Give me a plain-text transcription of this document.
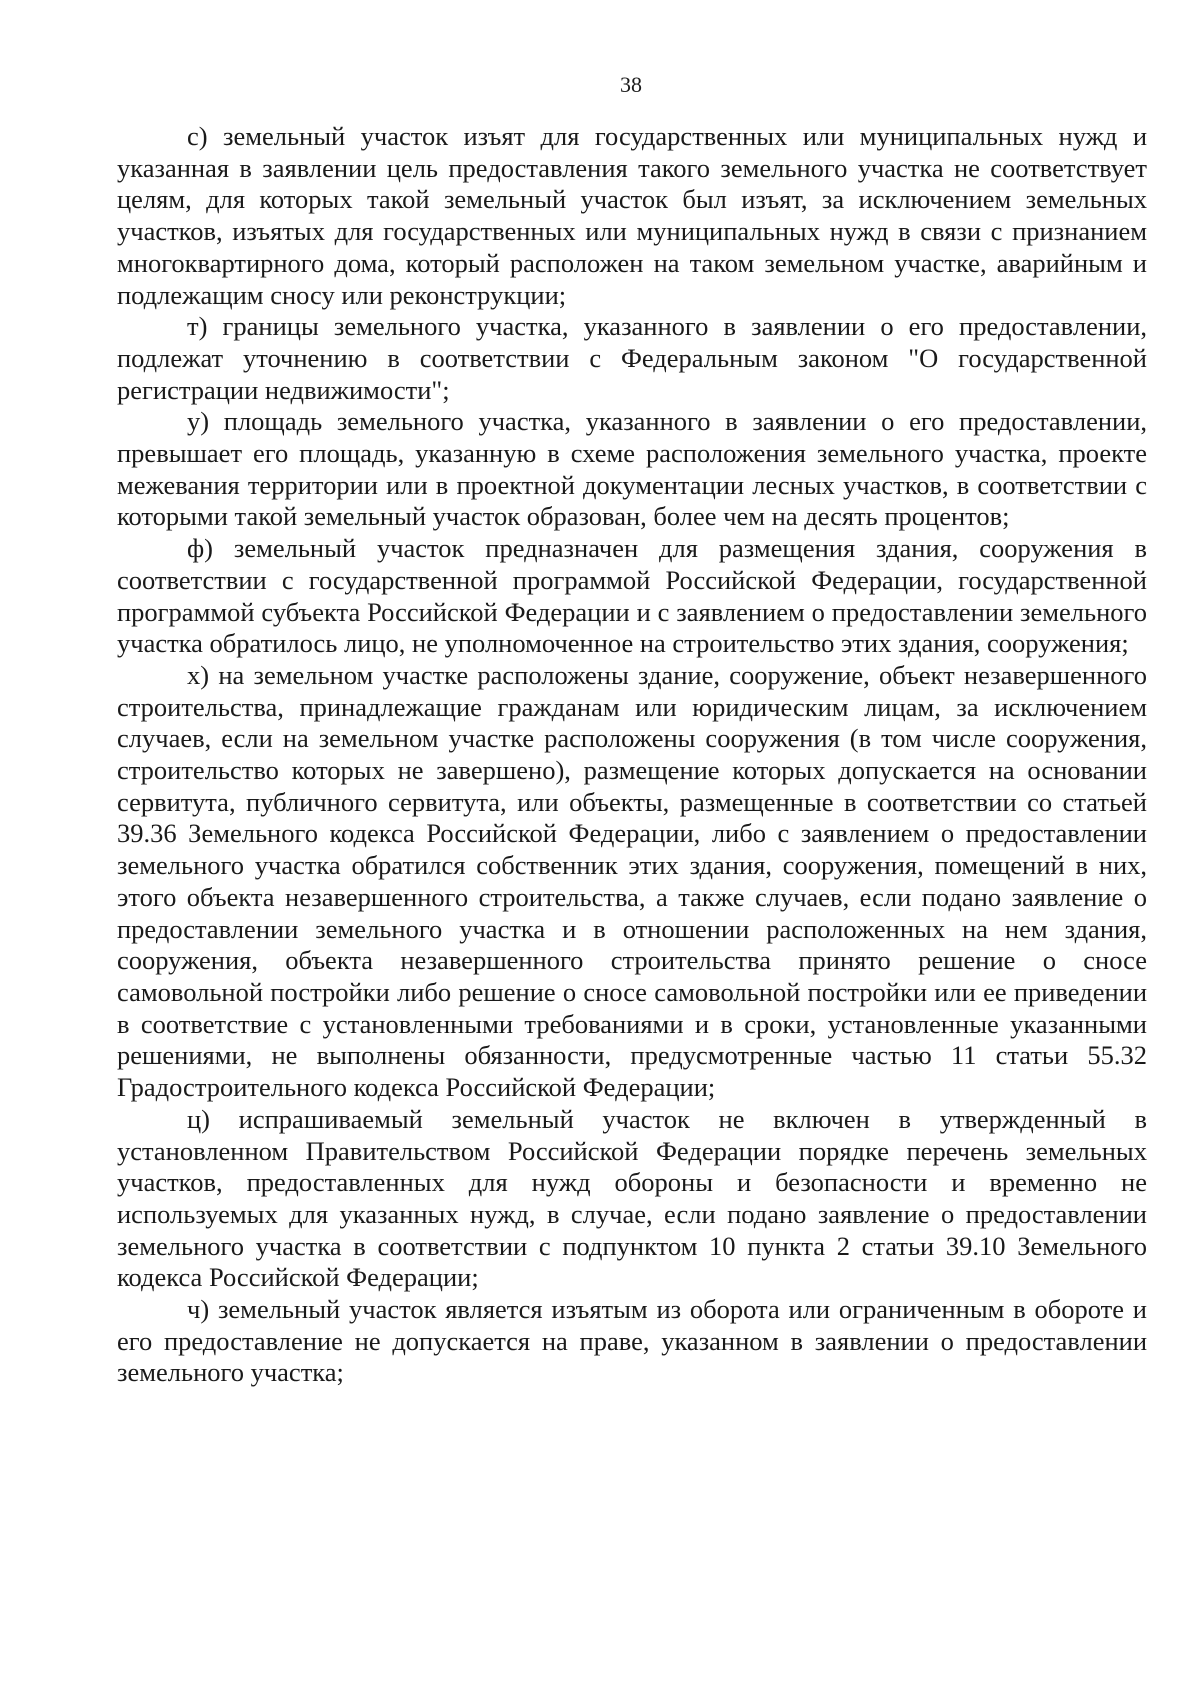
38

с) земельный участок изъят для государственных или муниципальных нужд и указанная в заявлении цель предоставления такого земельного участка не соответствует целям, для которых такой земельный участок был изъят, за исключением земельных участков, изъятых для государственных или муниципальных нужд в связи с признанием многоквартирного дома, который расположен на таком земельном участке, аварийным и подлежащим сносу или реконструкции;

т) границы земельного участка, указанного в заявлении о его предоставлении, подлежат уточнению в соответствии с Федеральным законом "О государственной регистрации недвижимости";

у) площадь земельного участка, указанного в заявлении о его предоставлении, превышает его площадь, указанную в схеме расположения земельного участка, проекте межевания территории или в проектной документации лесных участков, в соответствии с которыми такой земельный участок образован, более чем на десять процентов;

ф) земельный участок предназначен для размещения здания, сооружения в соответствии с государственной программой Российской Федерации, государственной программой субъекта Российской Федерации и с заявлением о предоставлении земельного участка обратилось лицо, не уполномоченное на строительство этих здания, сооружения;

х) на земельном участке расположены здание, сооружение, объект незавершенного строительства, принадлежащие гражданам или юридическим лицам, за исключением случаев, если на земельном участке расположены сооружения (в том числе сооружения, строительство которых не завершено), размещение которых допускается на основании сервитута, публичного сервитута, или объекты, размещенные в соответствии со статьей 39.36 Земельного кодекса Российской Федерации, либо с заявлением о предоставлении земельного участка обратился собственник этих здания, сооружения, помещений в них, этого объекта незавершенного строительства, а также случаев, если подано заявление о предоставлении земельного участка и в отношении расположенных на нем здания, сооружения, объекта незавершенного строительства принято решение о сносе самовольной постройки либо решение о сносе самовольной постройки или ее приведении в соответствие с установленными требованиями и в сроки, установленные указанными решениями, не выполнены обязанности, предусмотренные частью 11 статьи 55.32 Градостроительного кодекса Российской Федерации;

ц) испрашиваемый земельный участок не включен в утвержденный в установленном Правительством Российской Федерации порядке перечень земельных участков, предоставленных для нужд обороны и безопасности и временно не используемых для указанных нужд, в случае, если подано заявление о предоставлении земельного участка в соответствии с подпунктом 10 пункта 2 статьи 39.10 Земельного кодекса Российской Федерации;

ч) земельный участок является изъятым из оборота или ограниченным в обороте и его предоставление не допускается на праве, указанном в заявлении о предоставлении земельного участка;
